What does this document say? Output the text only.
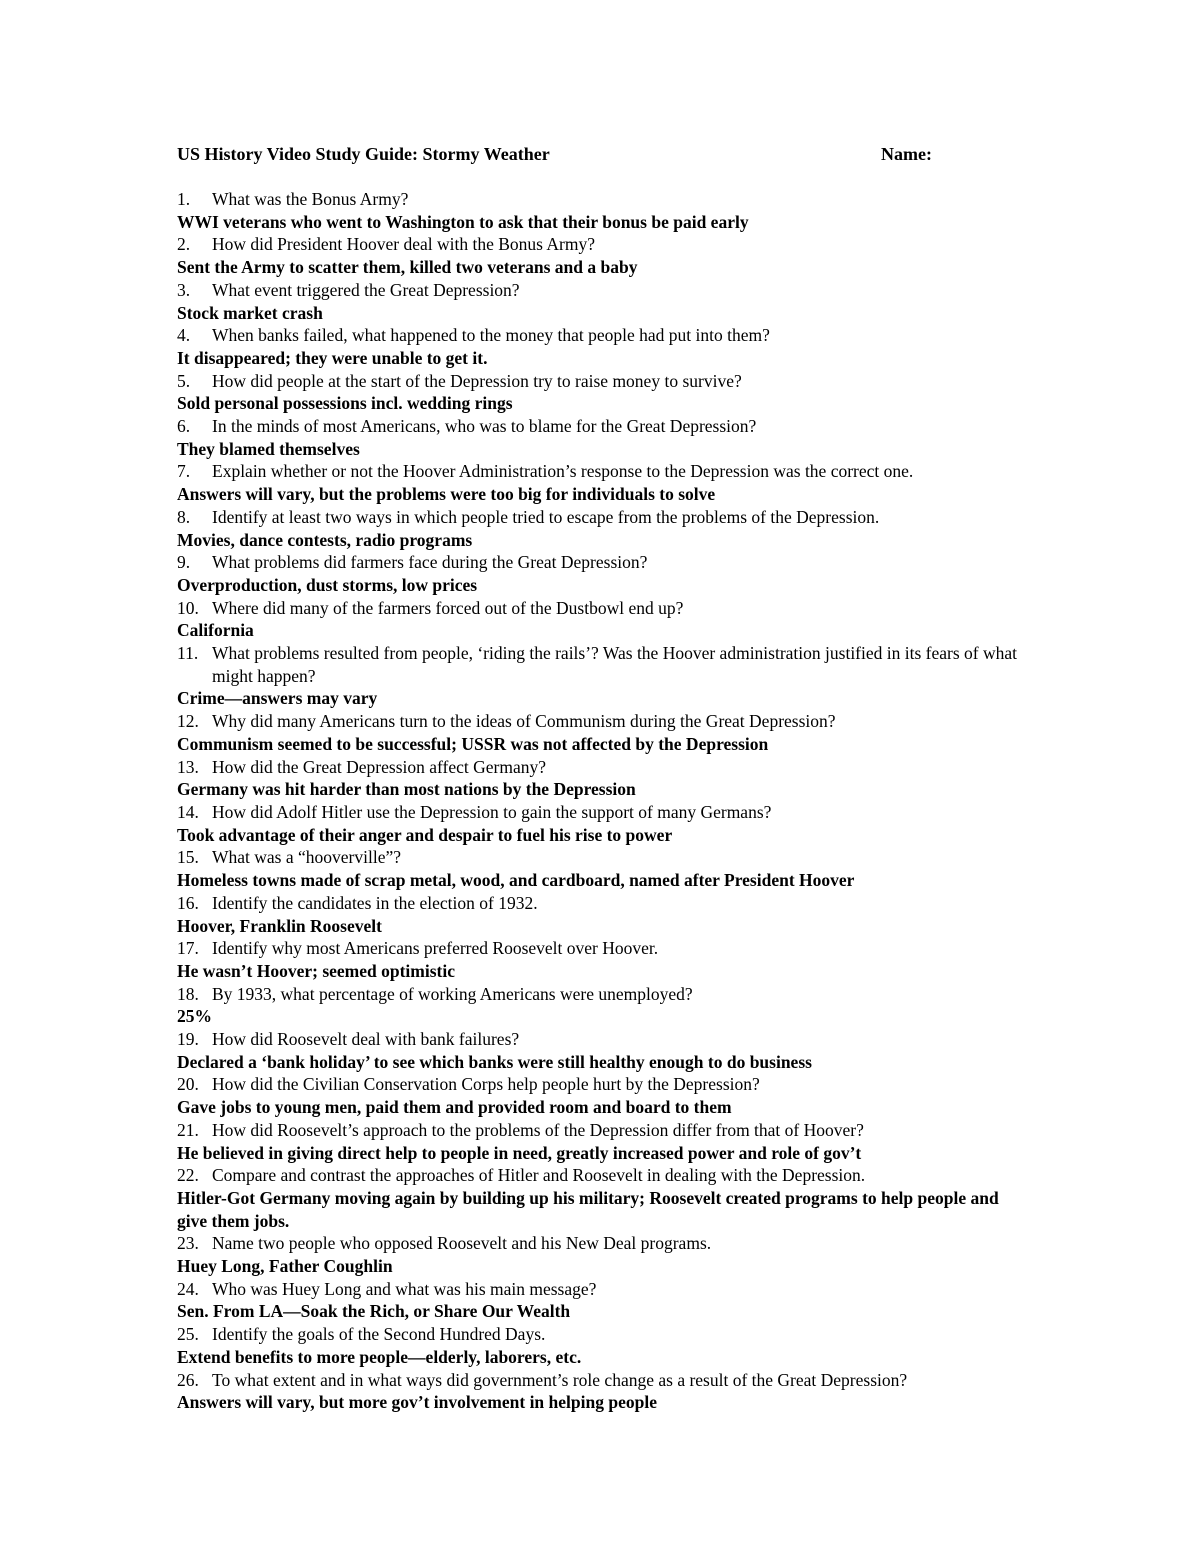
US History Video Study Guide: Stormy Weather	Name:
1.	What was the Bonus Army?
WWI veterans who went to Washington to ask that their bonus be paid early
2.	How did President Hoover deal with the Bonus Army?
Sent the Army to scatter them, killed two veterans and a baby
3.	What event triggered the Great Depression?
Stock market crash
4.	When banks failed, what happened to the money that people had put into them?
It disappeared; they were unable to get it.
5.	How did people at the start of the Depression try to raise money to survive?
Sold personal possessions incl. wedding rings
6.	In the minds of most Americans, who was to blame for the Great Depression?
They blamed themselves
7.	Explain whether or not the Hoover Administration’s response to the Depression was the correct one.
Answers will vary, but the problems were too big for individuals to solve
8.	Identify at least two ways in which people tried to escape from the problems of the Depression.
Movies, dance contests, radio programs
9.	What problems did farmers face during the Great Depression?
Overproduction, dust storms, low prices
10. Where did many of the farmers forced out of the Dustbowl end up?
California
11. What problems resulted from people, ‘riding the rails’? Was the Hoover administration justified in its fears of what might happen?
Crime—answers may vary
12. Why did many Americans turn to the ideas of Communism during the Great Depression?
Communism seemed to be successful; USSR was not affected by the Depression
13. How did the Great Depression affect Germany?
Germany was hit harder than most nations by the Depression
14. How did Adolf Hitler use the Depression to gain the support of many Germans?
Took advantage of their anger and despair to fuel his rise to power
15. What was a “hooverville”?
Homeless towns made of scrap metal, wood, and cardboard, named after President Hoover
16. Identify the candidates in the election of 1932.
Hoover, Franklin Roosevelt
17. Identify why most Americans preferred Roosevelt over Hoover.
He wasn’t Hoover; seemed optimistic
18. By 1933, what percentage of working Americans were unemployed?
25%
19. How did Roosevelt deal with bank failures?
Declared a ‘bank holiday’ to see which banks were still healthy enough to do business
20. How did the Civilian Conservation Corps help people hurt by the Depression?
Gave jobs to young men, paid them and provided room and board to them
21. How did Roosevelt’s approach to the problems of the Depression differ from that of Hoover?
He believed in giving direct help to people in need, greatly increased power and role of gov’t
22. Compare and contrast the approaches of Hitler and Roosevelt in dealing with the Depression.
Hitler-Got Germany moving again by building up his military; Roosevelt created programs to help people and give them jobs.
23. Name two people who opposed Roosevelt and his New Deal programs.
Huey Long, Father Coughlin
24. Who was Huey Long and what was his main message?
Sen. From LA—Soak the Rich, or Share Our Wealth
25. Identify the goals of the Second Hundred Days.
Extend benefits to more people—elderly, laborers, etc.
26. To what extent and in what ways did government’s role change as a result of the Great Depression?
Answers will vary, but more gov’t involvement in helping people
